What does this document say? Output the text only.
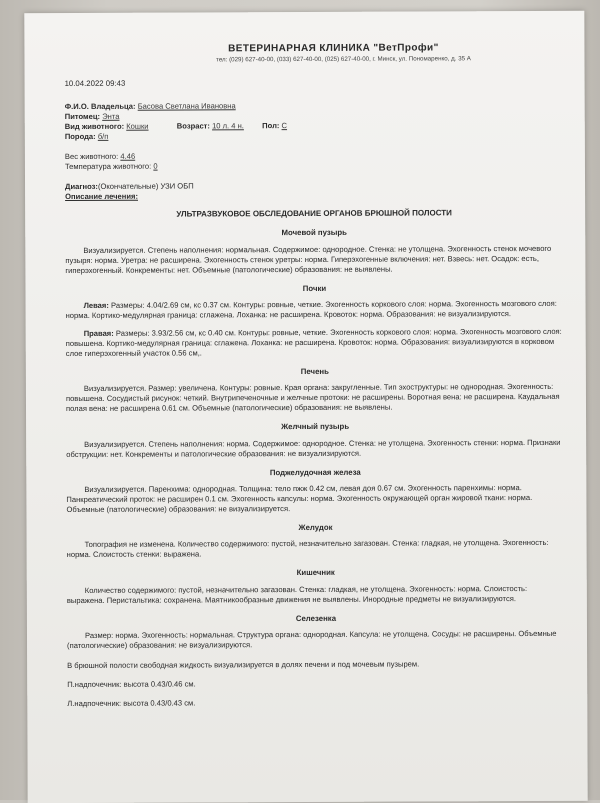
ВЕТЕРИНАРНАЯ КЛИНИКА "ВетПрофи"
тел: (029) 627-40-00, (033) 627-40-00, (025) 627-40-00, г. Минск, ул. Пономаренко, д. 35 А
10.04.2022 09:43

Ф.И.О. Владельца: Басова Светлана Ивановна

Питомец: Энта

Вид животного: Кошки	Возраст: 10 л. 4 н. Пол: С

Порода: б/п

Вес животного: 4.46

Температура животного: 0

Диагноз:(Окончательные) УЗИ ОБП

Описание лечения:

УЛЬТРАЗВУКОВОЕ ОБСЛЕДОВАНИЕ ОРГАНОВ БРЮШНОЙ ПОЛОСТИ
Мочевой пузырь

Визуализируется. Степень наполнения: нормальная. Содержимое: однородное. Стенка: не утолщена. Эхогенность стенок мочевого пузыря: норма. Уретра: не расширена. Эхогенность стенок уретры: норма. Гиперэхогенные включения: нет. Взвесь: нет. Осадок: есть, гиперэхогенный. Конкременты: нет. Объемные (патологические) образования: не выявлены.

Почки

Левая: Размеры: 4.04/2.69 см, кс 0.37 см. Контуры: ровные, четкие. Эхогенность коркового слоя: норма. Эхогенность мозгового слоя: норма. Кортико-медулярная граница: сглажена. Лоханка: не расширена. Кровоток: норма. Образования: не визуализируются.

Правая: Размеры: 3.93/2.56 см, кс 0.40 см. Контуры: ровные, четкие. Эхогенность коркового слоя: норма. Эхогенность мозгового слоя: повышена. Кортико-медулярная граница: сглажена. Лоханка: не расширена. Кровоток: норма. Образования: визуализируются в корковом слое гиперэхогенный участок 0.56 см,.

Печень

Визуализируется. Размер: увеличена. Контуры: ровные. Края органа: закругленные. Тип эхоструктуры: не однородная. Эхогенность: повышена. Сосудистый рисунок: четкий. Внутрипеченочные и желчные протоки: не расширены. Воротная вена: не расширена. Каудальная полая вена: не расширена 0.61 см. Объемные (патологические) образования: не выявлены.

Желчный пузырь

Визуализируется. Степень наполнения: норма. Содержимое: однородное. Стенка: не утолщена. Эхогенность стенки: норма. Признаки обструкции: нет. Конкременты и патологические образования: не визуализируются.

Поджелудочная железа

Визуализируется. Паренхима: однородная. Толщина: тело пжж 0.42 см, левая доя 0.67 см. Эхогенность паренхимы: норма. Панкреатический проток: не расширен 0.1 см. Эхогенность капсулы: норма. Эхогенность окружающей орган жировой ткани: норма. Объемные (патологические) образования: не визуализируется.

Желудок

Топография не изменена. Количество содержимого: пустой, незначительно загазован. Стенка: гладкая, не утолщена. Эхогенность: норма. Слоистость стенки: выражена.

Кишечник

Количество содержимого: пустой, незначительно загазован. Стенка: гладкая, не утолщена. Эхогенность: норма. Слоистость: выражена. Перистальтика: сохранена. Маятникообразные движения не выявлены. Инородные предметы не визуализируются.

Селезенка

Размер: норма. Эхогенность: нормальная. Структура органа: однородная. Капсула: не утолщена. Сосуды: не расширены. Объемные (патологические) образования: не визуализируются.

В брюшной полости свободная жидкость визуализируется в долях печени и под мочевым пузырем.

П.надпочечник: высота 0.43/0.46 см.

Л.надпочечник: высота 0.43/0.43 см.
